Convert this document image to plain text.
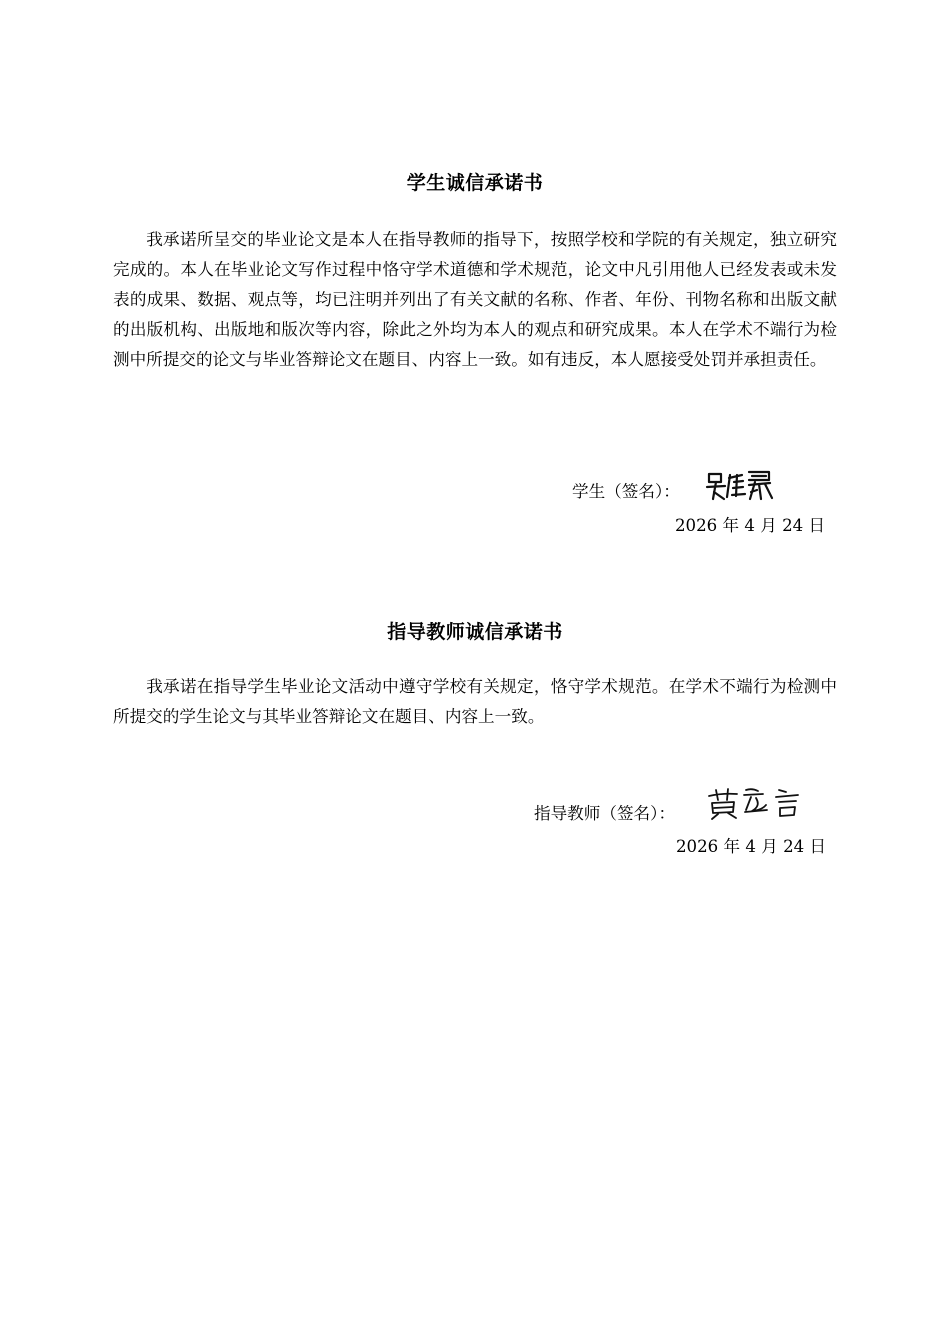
学生诚信承诺书
我承诺所呈交的毕业论文是本人在指导教师的指导下，按照学校和学院的有关规定，独立研究完成的。本人在毕业论文写作过程中恪守学术道德和学术规范，论文中凡引用他人已经发表或未发表的成果、数据、观点等，均已注明并列出了有关文献的名称、作者、年份、刊物名称和出版文献的出版机构、出版地和版次等内容，除此之外均为本人的观点和研究成果。本人在学术不端行为检测中所提交的论文与毕业答辩论文在题目、内容上一致。如有违反，本人愿接受处罚并承担责任。
学生（签名）：
2026 年 4 月 24 日
指导教师诚信承诺书
我承诺在指导学生毕业论文活动中遵守学校有关规定，恪守学术规范。在学术不端行为检测中所提交的学生论文与其毕业答辩论文在题目、内容上一致。
指导教师（签名）：
2026 年 4 月 24 日
